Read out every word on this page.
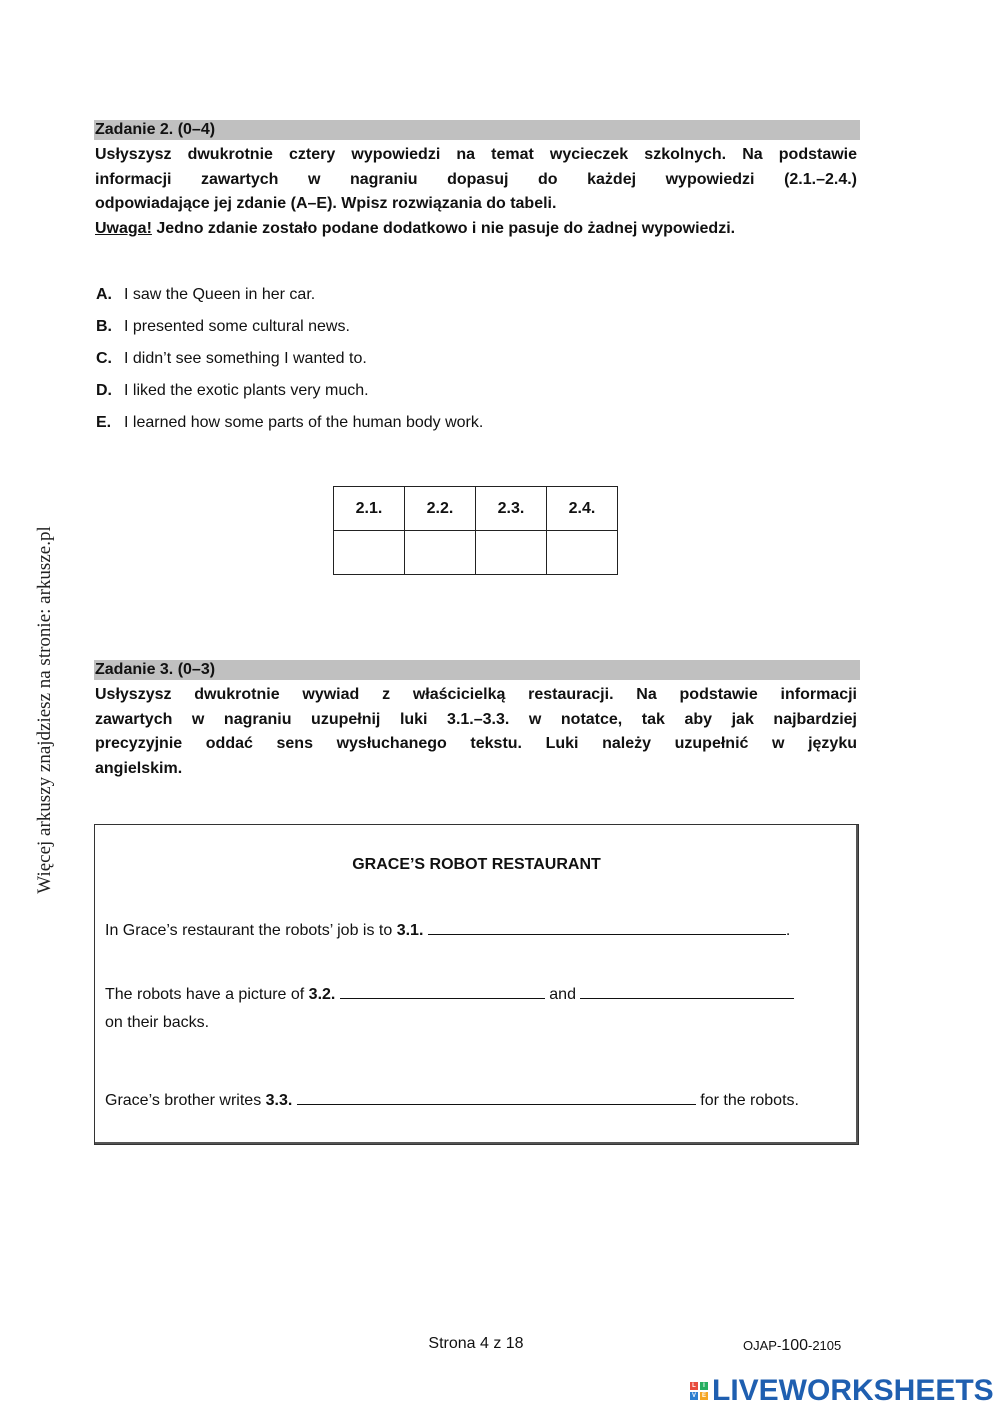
Więcej arkuszy znajdziesz na stronie: arkusze.pl
Zadanie 2. (0–4)

Usłyszysz dwukrotnie cztery wypowiedzi na temat wycieczek szkolnych. Na podstawie

informacji zawartych w nagraniu dopasuj do każdej wypowiedzi (2.1.–2.4.)

odpowiadające jej zdanie (A–E). Wpisz rozwiązania do tabeli.

Uwaga! Jedno zdanie zostało podane dodatkowo i nie pasuje do żadnej wypowiedzi.

A. I saw the Queen in her car.
B. I presented some cultural news.
C. I didn’t see something I wanted to.
D. I liked the exotic plants very much.
E. I learned how some parts of the human body work.
2.1.	2.2.	2.3.	2.4.

Zadanie 3. (0–3)

Usłyszysz dwukrotnie wywiad z właścicielką restauracji. Na podstawie informacji

zawartych w nagraniu uzupełnij luki 3.1.–3.3. w notatce, tak aby jak najbardziej

precyzyjnie oddać sens wysłuchanego tekstu. Luki należy uzupełnić w języku

angielskim.

GRACE’S ROBOT RESTAURANT
In Grace’s restaurant the robots’ job is to 3.1.	.
The robots have a picture of 3.2.	and
on their backs.
Grace’s brother writes 3.3.	for the robots.
Strona 4 z 18	OJAP-100-2105
L	I
V E LIVEWORKSHEETS
